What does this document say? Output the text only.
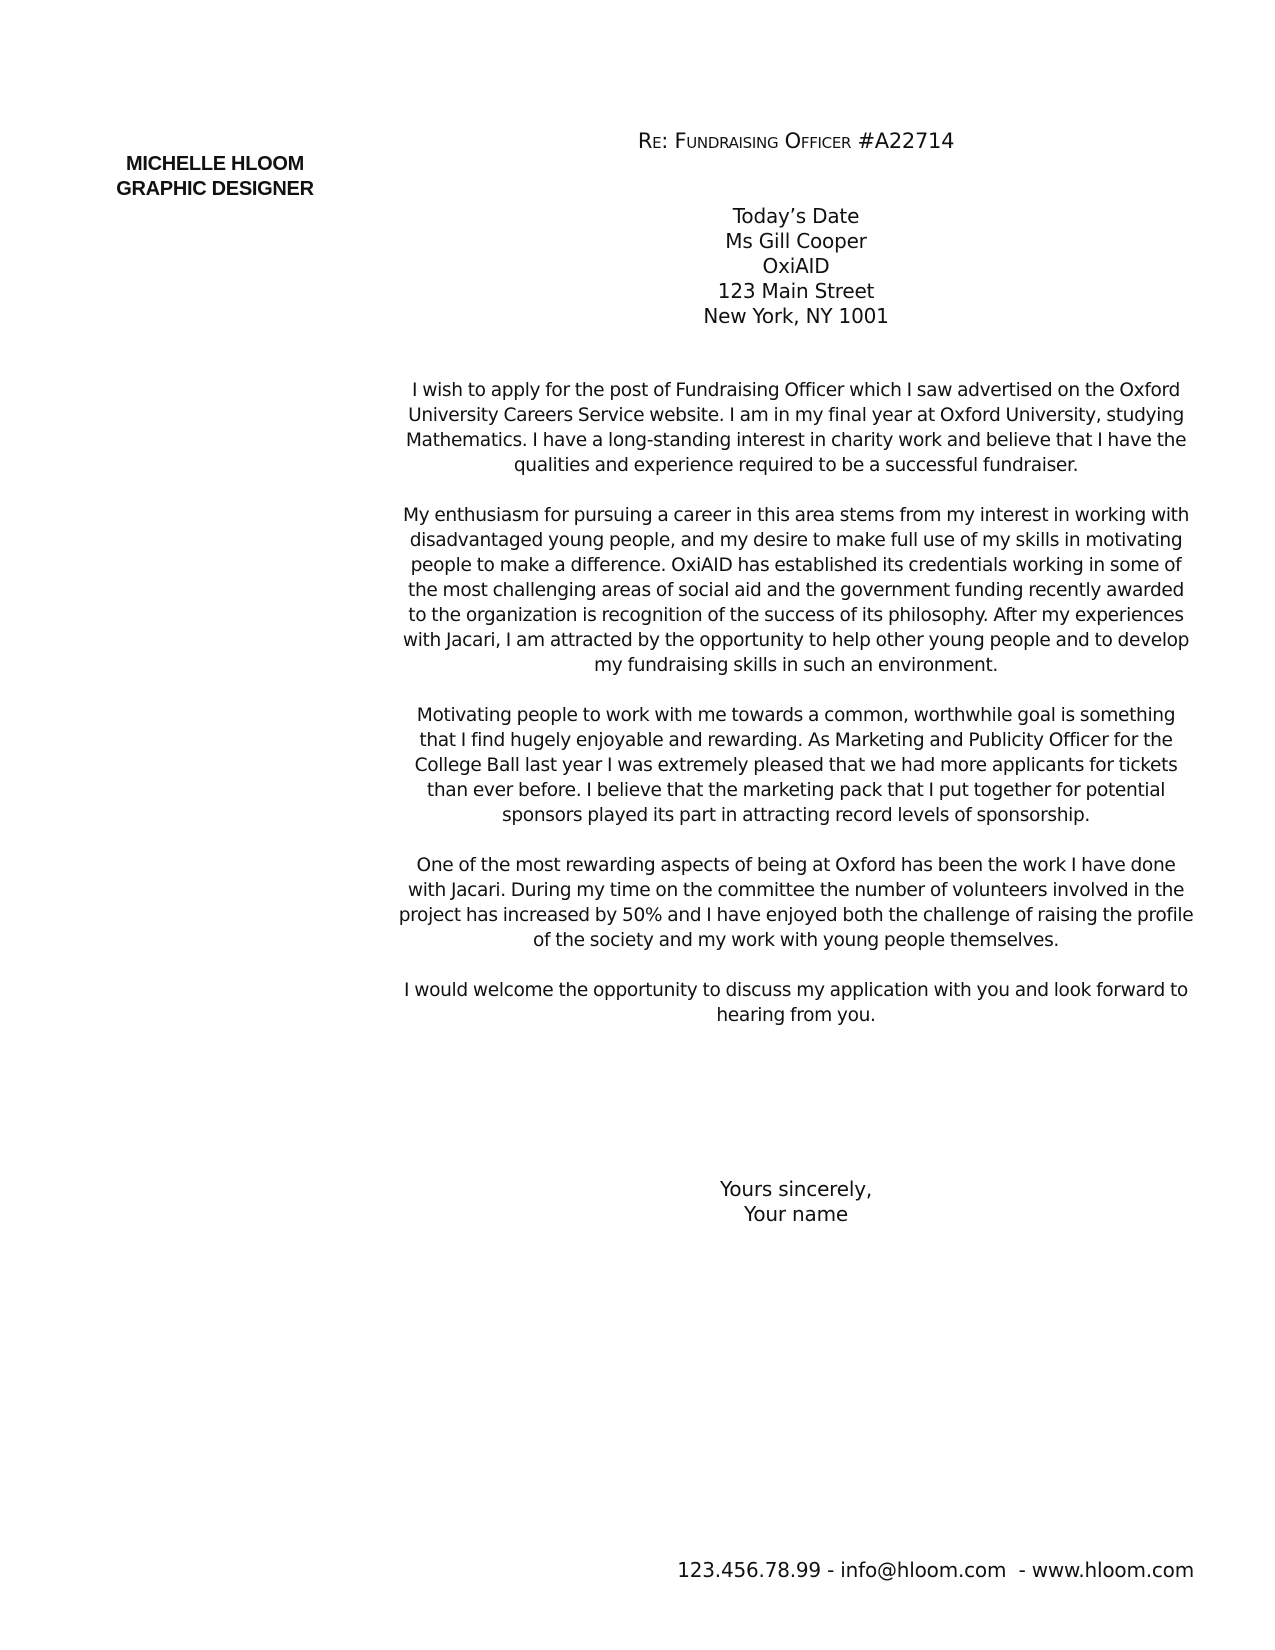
MICHELLE HLOOM
GRAPHIC DESIGNER
Re: Fundraising Officer #A22714
Today’s Date
Ms Gill Cooper
OxiAID
123 Main Street
New York, NY 1001

I wish to apply for the post of Fundraising Officer which I saw advertised on the Oxford University Careers Service website. I am in my final year at Oxford University, studying Mathematics. I have a long-standing interest in charity work and believe that I have the qualities and experience required to be a successful fundraiser.

My enthusiasm for pursuing a career in this area stems from my interest in working with disadvantaged young people, and my desire to make full use of my skills in motivating people to make a difference. OxiAID has established its credentials working in some of the most challenging areas of social aid and the government funding recently awarded to the organization is recognition of the success of its philosophy. After my experiences with Jacari, I am attracted by the opportunity to help other young people and to develop my fundraising skills in such an environment.

Motivating people to work with me towards a common, worthwhile goal is something that I find hugely enjoyable and rewarding. As Marketing and Publicity Officer for the College Ball last year I was extremely pleased that we had more applicants for tickets than ever before. I believe that the marketing pack that I put together for potential sponsors played its part in attracting record levels of sponsorship.

One of the most rewarding aspects of being at Oxford has been the work I have done with Jacari. During my time on the committee the number of volunteers involved in the project has increased by 50% and I have enjoyed both the challenge of raising the profile of the society and my work with young people themselves.

I would welcome the opportunity to discuss my application with you and look forward to hearing from you.

Yours sincerely,
Your name
123.456.78.99 - info@hloom.com  - www.hloom.com
